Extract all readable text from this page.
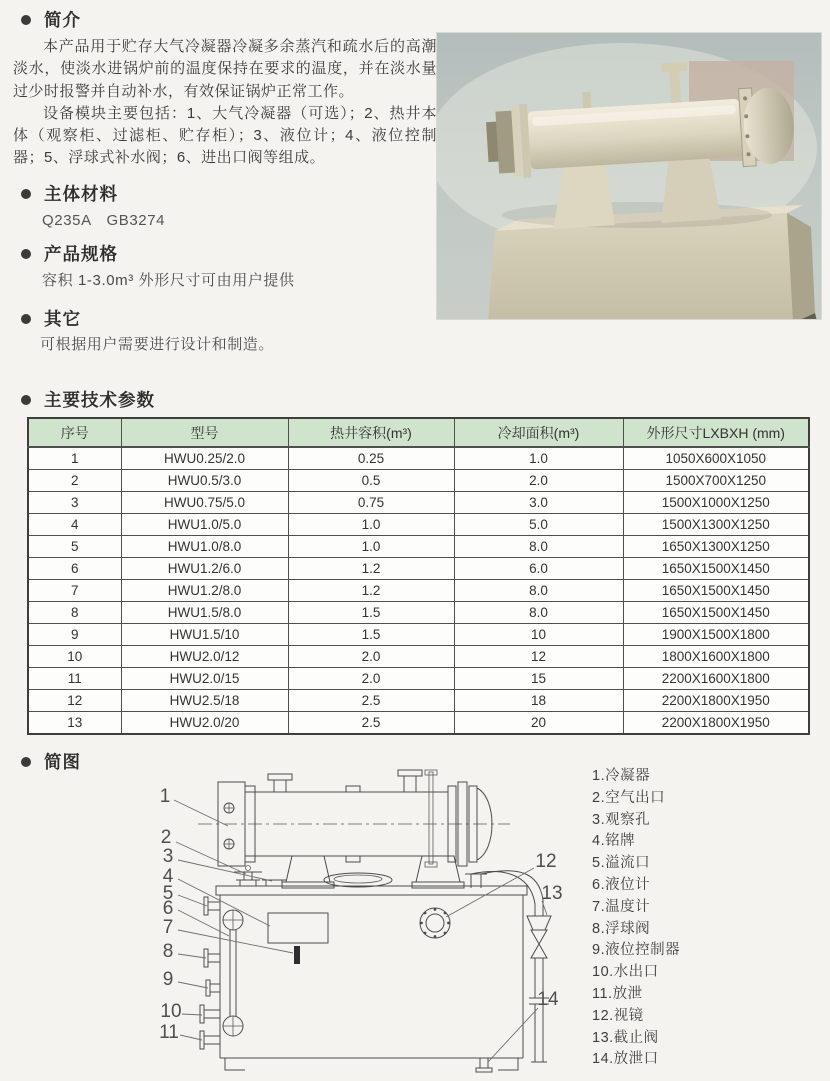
简介

本产品用于贮存大气冷凝器冷凝多余蒸汽和疏水后的高潮淡水，使淡水进锅炉前的温度保持在要求的温度，并在淡水量过少时报警并自动补水，有效保证锅炉正常工作。

设备模块主要包括：1、大气冷凝器（可选）；2、热井本体（观察柜、过滤柜、贮存柜）；3、液位计；4、液位控制器；5、浮球式补水阀；6、进出口阀等组成。

主体材料
Q235A　GB3274
产品规格
容积 1-3.0m³ 外形尺寸可由用户提供
其它
可根据用户需要进行设计和制造。
主要技术参数
序号	型号	热井容积(m³)	冷却面积(m³)	外形尺寸LXBXH (mm)
1	HWU0.25/2.0	0.25	1.0	1050X600X1050
2	HWU0.5/3.0	0.5	2.0	1500X700X1250
3	HWU0.75/5.0	0.75	3.0	1500X1000X1250
4	HWU1.0/5.0	1.0	5.0	1500X1300X1250
5	HWU1.0/8.0	1.0	8.0	1650X1300X1250
6	HWU1.2/6.0	1.2	6.0	1650X1500X1450
7	HWU1.2/8.0	1.2	8.0	1650X1500X1450
8	HWU1.5/8.0	1.5	8.0	1650X1500X1450
9	HWU1.5/10	1.5	10	1900X1500X1800
10	HWU2.0/12	2.0	12	1800X1600X1800
11	HWU2.0/15	2.0	15	2200X1600X1800
12	HWU2.5/18	2.5	18	2200X1800X1950
13	HWU2.0/20	2.5	20	2200X1800X1950
简图
1
2
3
4
5
6
7
8
9
10
11
12
13
14
1.冷凝器
2.空气出口
3.观察孔
4.铭牌
5.溢流口
6.液位计
7.温度计
8.浮球阀
9.液位控制器
10.水出口
11.放泄
12.视镜
13.截止阀
14.放泄口
